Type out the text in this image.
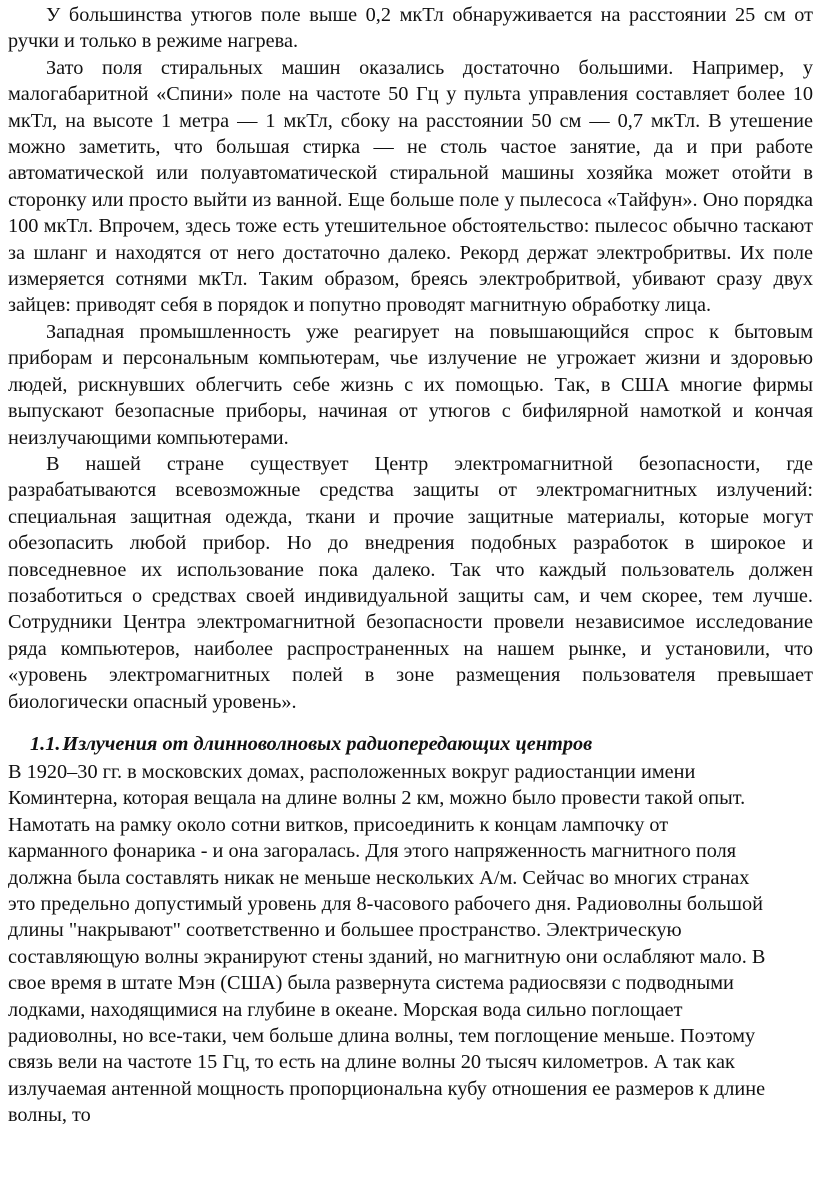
У большинства утюгов поле выше 0,2 мкТл обнаруживается на расстоянии 25 см от ручки и только в режиме нагрева.

Зато поля стиральных машин оказались достаточно большими. Например, у малогабаритной «Спини» поле на частоте 50 Гц у пульта управления составляет более 10 мкТл, на высоте 1 метра — 1 мкТл, сбоку на расстоянии 50 см — 0,7 мкТл. В утешение можно заметить, что большая стирка — не столь частое занятие, да и при работе автоматической или полуавтоматической стиральной машины хозяйка может отойти в сторонку или просто выйти из ванной. Еще больше поле у пылесоса «Тайфун». Оно порядка 100 мкТл. Впрочем, здесь тоже есть утешительное обстоятельство: пылесос обычно таскают за шланг и находятся от него достаточно далеко. Рекорд держат электробритвы. Их поле измеряется сотнями мкТл. Таким образом, бреясь электробритвой, убивают сразу двух зайцев: приводят себя в порядок и попутно проводят магнитную обработку лица.

Западная промышленность уже реагирует на повышающийся спрос к бытовым приборам и персональным компьютерам, чье излучение не угрожает жизни и здоровью людей, рискнувших облегчить себе жизнь с их помощью. Так, в США многие фирмы выпускают безопасные приборы, начиная от утюгов с бифилярной намоткой и кончая неизлучающими компьютерами.

В нашей стране существует Центр электромагнитной безопасности, где разрабатываются всевозможные средства защиты от электромагнитных излучений: специальная защитная одежда, ткани и прочие защитные материалы, которые могут обезопасить любой прибор. Но до внедрения подобных разработок в широкое и повседневное их использование пока далеко. Так что каждый пользователь должен позаботиться о средствах своей индивидуальной защиты сам, и чем скорее, тем лучше. Сотрудники Центра электромагнитной безопасности провели независимое исследование ряда компьютеров, наиболее распространенных на нашем рынке, и установили, что «уровень электромагнитных полей в зоне размещения пользователя превышает биологически опасный уровень».

1.1.Излучения от длинноволновых радиопередающих центров

В 1920–30 гг. в московских домах, расположенных вокруг радиостанции имени Коминтерна, которая вещала на длине волны 2 км, можно было провести такой опыт. Намотать на рамку около сотни витков, присоединить к концам лампочку от карманного фонарика - и она загоралась. Для этого напряженность магнитного поля должна была составлять никак не меньше нескольких А/м. Сейчас во многих странах это предельно допустимый уровень для 8-часового рабочего дня. Радиоволны большой длины "накрывают" соответственно и большее пространство. Электрическую составляющую волны экранируют стены зданий, но магнитную они ослабляют мало. В свое время в штате Мэн (США) была развернута система радиосвязи с подводными лодками, находящимися на глубине в океане. Морская вода сильно поглощает радиоволны, но все-таки, чем больше длина волны, тем поглощение меньше. Поэтому связь вели на частоте 15 Гц, то есть на длине волны 20 тысяч километров. А так как излучаемая антенной мощность пропорциональна кубу отношения ее размеров к длине волны, то
